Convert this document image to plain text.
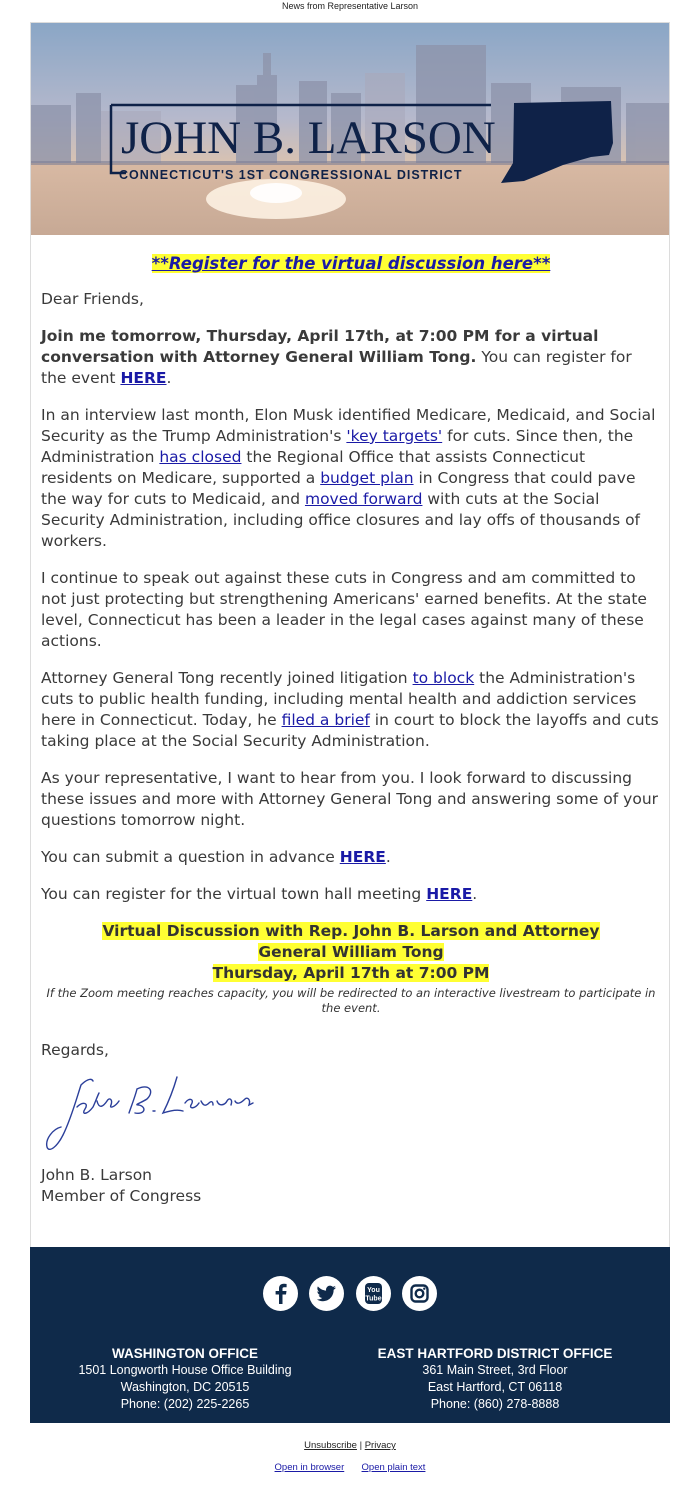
News from Representative Larson
JOHN B. LARSON
CONNECTICUT'S 1ST CONGRESSIONAL DISTRICT

**Register for the virtual discussion here**

Dear Friends,

Join me tomorrow, Thursday, April 17th, at 7:00 PM for a virtual conversation with Attorney General William Tong. You can register for the event HERE.

In an interview last month, Elon Musk identified Medicare, Medicaid, and Social Security as the Trump Administration's 'key targets' for cuts. Since then, the Administration has closed the Regional Office that assists Connecticut residents on Medicare, supported a budget plan in Congress that could pave the way for cuts to Medicaid, and moved forward with cuts at the Social Security Administration, including office closures and lay offs of thousands of workers.

I continue to speak out against these cuts in Congress and am committed to not just protecting but strengthening Americans' earned benefits. At the state level, Connecticut has been a leader in the legal cases against many of these actions.

Attorney General Tong recently joined litigation to block the Administration's cuts to public health funding, including mental health and addiction services here in Connecticut. Today, he filed a brief in court to block the layoffs and cuts taking place at the Social Security Administration.

As your representative, I want to hear from you. I look forward to discussing these issues and more with Attorney General Tong and answering some of your questions tomorrow night.

You can submit a question in advance HERE.

You can register for the virtual town hall meeting HERE.

Virtual Discussion with Rep. John B. Larson and Attorney
General William Tong
Thursday, April 17th at 7:00 PM

If the Zoom meeting reaches capacity, you will be redirected to an interactive livestream to participate in the event.

Regards,

John B. Larson
Member of Congress

You
Tube

WASHINGTON OFFICE
1501 Longworth House Office Building
Washington, DC 20515
Phone: (202) 225-2265
EAST HARTFORD DISTRICT OFFICE
361 Main Street, 3rd Floor
East Hartford, CT 06118
Phone: (860) 278-8888
Unsubscribe | Privacy
Open in browser Open plain text
